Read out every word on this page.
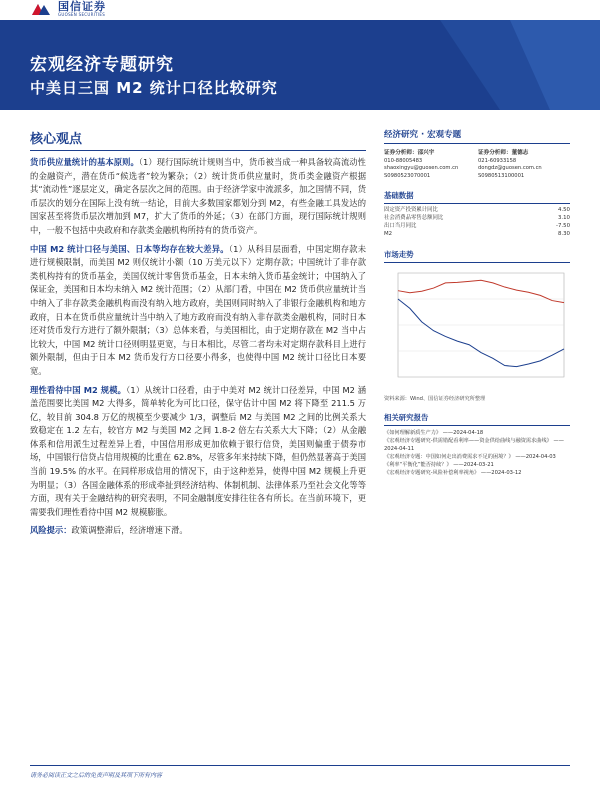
国信证券
GUOSEN SECURITIES
宏观经济专题研究
中美日三国 M2 统计口径比较研究
核心观点

货币供应量统计的基本原则。（1）现行国际统计规则当中，货币被当成一种具备较高流动性的金融资产，潜在货币“候选者”较为繁杂；（2）统计货币供应量时，货币类金融资产根据其“流动性”逐层定义，确定各层次之间的范围。由于经济学家中流派多，加之国情不同，货币层次的划分在国际上没有统一结论，目前大多数国家都划分到 M2，有些金融工具发达的国家甚至将货币层次增加到 M7，扩大了货币的外延；（3）在部门方面，现行国际统计规则中，一般不包括中央政府和存款类金融机构所持有的货币资产。

中国 M2 统计口径与美国、日本等均存在较大差异。（1）从科目层面看，中国定期存款未进行规模限制，而美国 M2 则仅统计小额（10 万美元以下）定期存款；中国统计了非存款类机构持有的货币基金，美国仅统计零售货币基金，日本未纳入货币基金统计；中国纳入了保证金，美国和日本均未纳入 M2 统计范围；（2）从部门看，中国在 M2 货币供应量统计当中纳入了非存款类金融机构而没有纳入地方政府，美国则同时纳入了非银行金融机构和地方政府，日本在货币供应量统计当中纳入了地方政府而没有纳入非存款类金融机构，同时日本还对货币发行方进行了额外限制；（3）总体来看，与美国相比，由于定期存款在 M2 当中占比较大，中国 M2 统计口径则明显更宽，与日本相比，尽管二者均未对定期存款科目上进行额外限制，但由于日本 M2 货币发行方口径要小得多，也使得中国 M2 统计口径比日本要宽。

理性看待中国 M2 规模。（1）从统计口径看，由于中美对 M2 统计口径差异，中国 M2 涵盖范围要比美国 M2 大得多，简单转化为可比口径，保守估计中国 M2 将下降至 211.5 万亿，较目前 304.8 万亿的规模至少要减少 1/3，调整后 M2 与美国 M2 之间的比例关系大致稳定在 1.2 左右，较官方 M2 与美国 M2 之间 1.8-2 倍左右关系大大下降；（2）从金融体系和信用派生过程差异上看，中国信用形成更加依赖于银行信贷，美国则偏重于债券市场，中国银行信贷占信用规模的比重在 62.8%，尽管多年来持续下降，但仍然显著高于美国当前 19.5% 的水平。在同样形成信用的情况下，由于这种差异，使得中国 M2 规模上升更为明显；（3）各国金融体系的形成牵扯到经济结构、体制机制、法律体系乃至社会文化等等方面，现有关于金融结构的研究表明，不同金融制度安排往往各有所长。在当前环境下，更需要我们理性看待中国 M2 规模膨胀。

风险提示：政策调整滞后，经济增速下滑。

经济研究 · 宏观专题
证券分析师：邵兴宇
010-88005483
shaoxingyu@guosen.com.cn
S0980523070001
证券分析师：董德志
021-60933158
dongdz@guosen.com.cn
S0980513100001
基础数据
固定资产投资累计同比	4.50
社会消费品零售总额同比	3.10
出口当月同比	-7.50
M2	8.30
市场走势
资料来源：Wind、国信证券经济研究所整理
相关研究报告
《如何理解新质生产力》 ——2024-04-18
《宏观经济专题研究-供需错配看利率——资金供给曲线与融资需求曲线》 ——2024-04-11
《宏观经济专题：中国如何走出消费需求不足的困境？》 ——2024-04-03
《利率“平衡化”能否持续？》 ——2024-03-21
《宏观经济专题研究-风险补偿利率视角》 ——2024-03-12
请务必阅读正文之后的免责声明及其项下所有内容
